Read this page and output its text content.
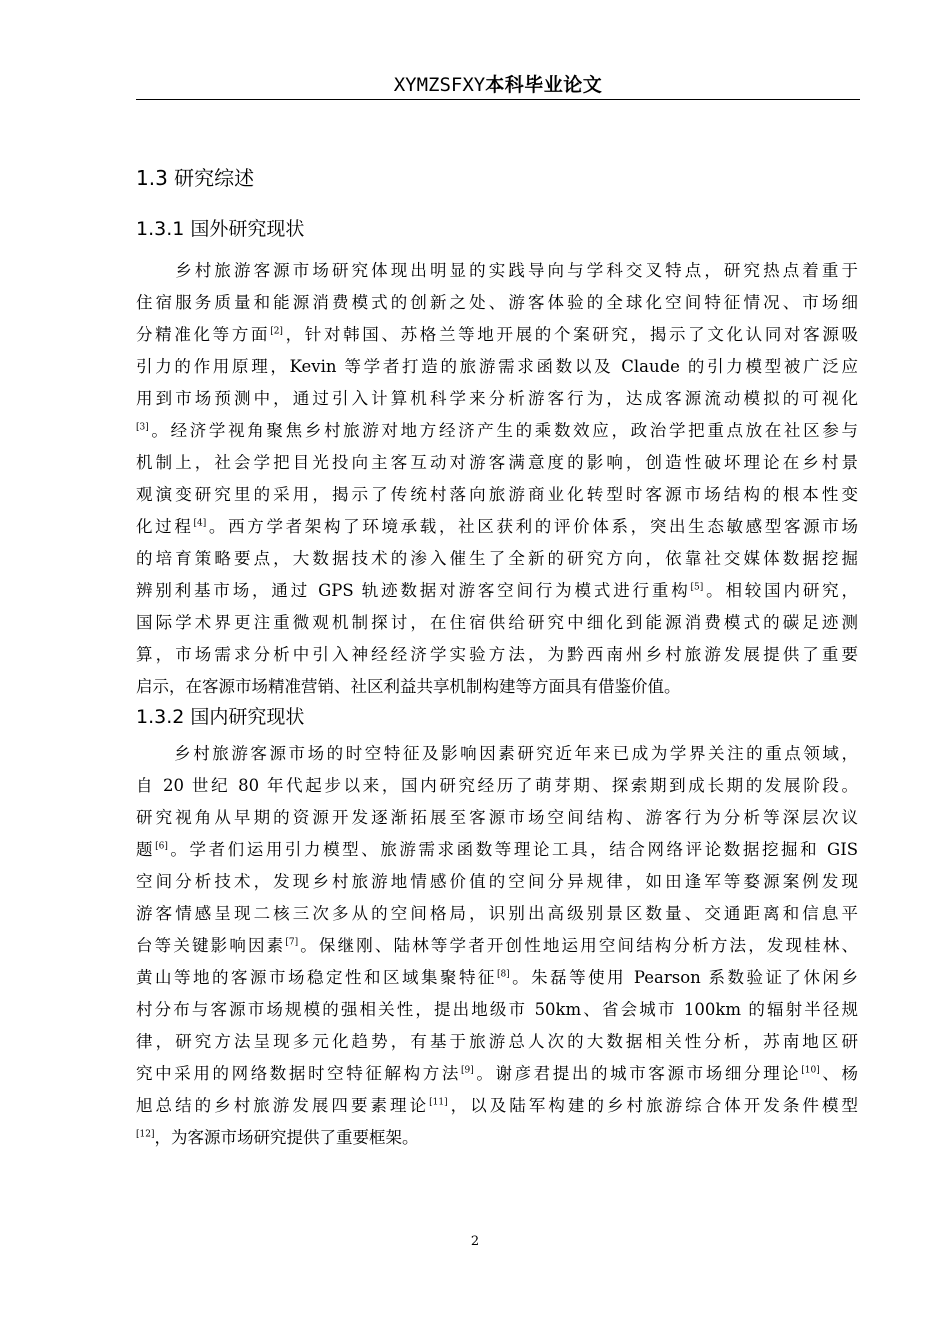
XYMZSFXY本科毕业论文
1.3 研究综述
1.3.1 国外研究现状
　　乡村旅游客源市场研究体现出明显的实践导向与学科交叉特点，研究热点着重于
住宿服务质量和能源消费模式的创新之处、游客体验的全球化空间特征情况、市场细
分精准化等方面[2]，针对韩国、苏格兰等地开展的个案研究，揭示了文化认同对客源吸
引力的作用原理，Kevin 等学者打造的旅游需求函数以及 Claude 的引力模型被广泛应
用到市场预测中，通过引入计算机科学来分析游客行为，达成客源流动模拟的可视化
[3]。经济学视角聚焦乡村旅游对地方经济产生的乘数效应，政治学把重点放在社区参与
机制上，社会学把目光投向主客互动对游客满意度的影响，创造性破坏理论在乡村景
观演变研究里的采用，揭示了传统村落向旅游商业化转型时客源市场结构的根本性变
化过程[4]。西方学者架构了环境承载，社区获利的评价体系，突出生态敏感型客源市场
的培育策略要点，大数据技术的渗入催生了全新的研究方向，依靠社交媒体数据挖掘
辨别利基市场，通过 GPS 轨迹数据对游客空间行为模式进行重构[5]。相较国内研究，
国际学术界更注重微观机制探讨，在住宿供给研究中细化到能源消费模式的碳足迹测
算，市场需求分析中引入神经经济学实验方法，为黔西南州乡村旅游发展提供了重要
启示，在客源市场精准营销、社区利益共享机制构建等方面具有借鉴价值。
1.3.2 国内研究现状
　　乡村旅游客源市场的时空特征及影响因素研究近年来已成为学界关注的重点领域，
自 20 世纪 80 年代起步以来，国内研究经历了萌芽期、探索期到成长期的发展阶段。
研究视角从早期的资源开发逐渐拓展至客源市场空间结构、游客行为分析等深层次议
题[6]。学者们运用引力模型、旅游需求函数等理论工具，结合网络评论数据挖掘和 GIS
空间分析技术，发现乡村旅游地情感价值的空间分异规律，如田逢军等婺源案例发现
游客情感呈现二核三次多从的空间格局，识别出高级别景区数量、交通距离和信息平
台等关键影响因素[7]。保继刚、陆林等学者开创性地运用空间结构分析方法，发现桂林、
黄山等地的客源市场稳定性和区域集聚特征[8]。朱磊等使用 Pearson 系数验证了休闲乡
村分布与客源市场规模的强相关性，提出地级市 50km、省会城市 100km 的辐射半径规
律，研究方法呈现多元化趋势，有基于旅游总人次的大数据相关性分析，苏南地区研
究中采用的网络数据时空特征解构方法[9]。谢彦君提出的城市客源市场细分理论[10]、杨
旭总结的乡村旅游发展四要素理论[11]，以及陆军构建的乡村旅游综合体开发条件模型
[12]，为客源市场研究提供了重要框架。
2
